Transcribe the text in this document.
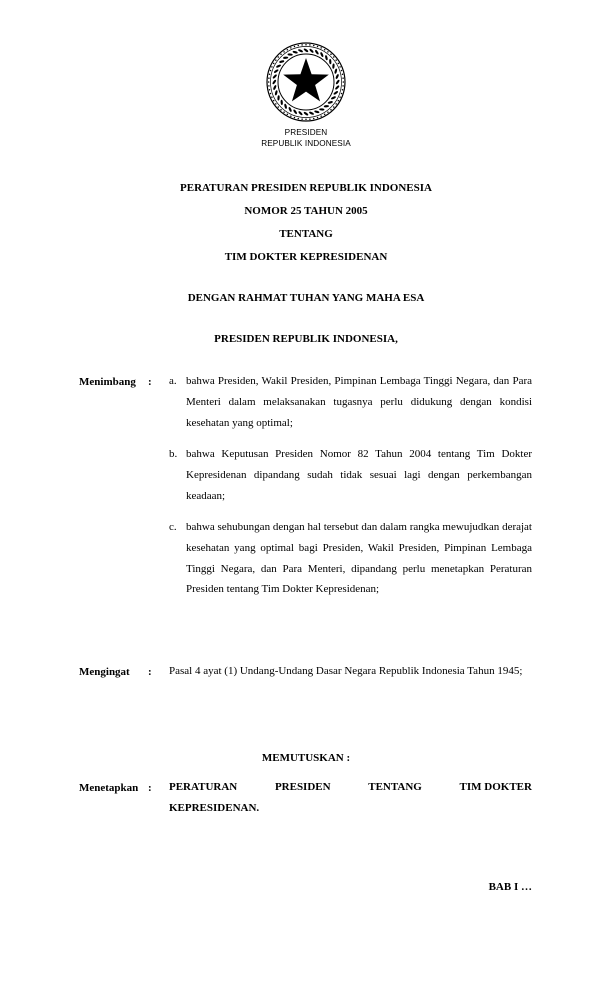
PRESIDEN
REPUBLIK INDONESIA
PERATURAN PRESIDEN REPUBLIK INDONESIA
NOMOR 25 TAHUN 2005
TENTANG
TIM DOKTER KEPRESIDENAN
DENGAN RAHMAT TUHAN YANG MAHA ESA
PRESIDEN REPUBLIK INDONESIA,
Menimbang : a. bahwa Presiden, Wakil Presiden, Pimpinan Lembaga Tinggi Negara, dan Para Menteri dalam melaksanakan tugasnya perlu didukung dengan kondisi kesehatan yang optimal;
b. bahwa Keputusan Presiden Nomor 82 Tahun 2004 tentang Tim Dokter Kepresidenan dipandang sudah tidak sesuai lagi dengan perkembangan keadaan;
c. bahwa sehubungan dengan hal tersebut dan dalam rangka mewujudkan derajat kesehatan yang optimal bagi Presiden, Wakil Presiden, Pimpinan Lembaga Tinggi Negara, dan Para Menteri, dipandang perlu menetapkan Peraturan Presiden tentang Tim Dokter Kepresidenan;
Mengingat : Pasal 4 ayat (1) Undang-Undang Dasar Negara Republik Indonesia Tahun 1945;
MEMUTUSKAN :
Menetapkan : PERATURAN	PRESIDEN	TENTANG	TIM DOKTER
KEPRESIDENAN.
BAB I …
